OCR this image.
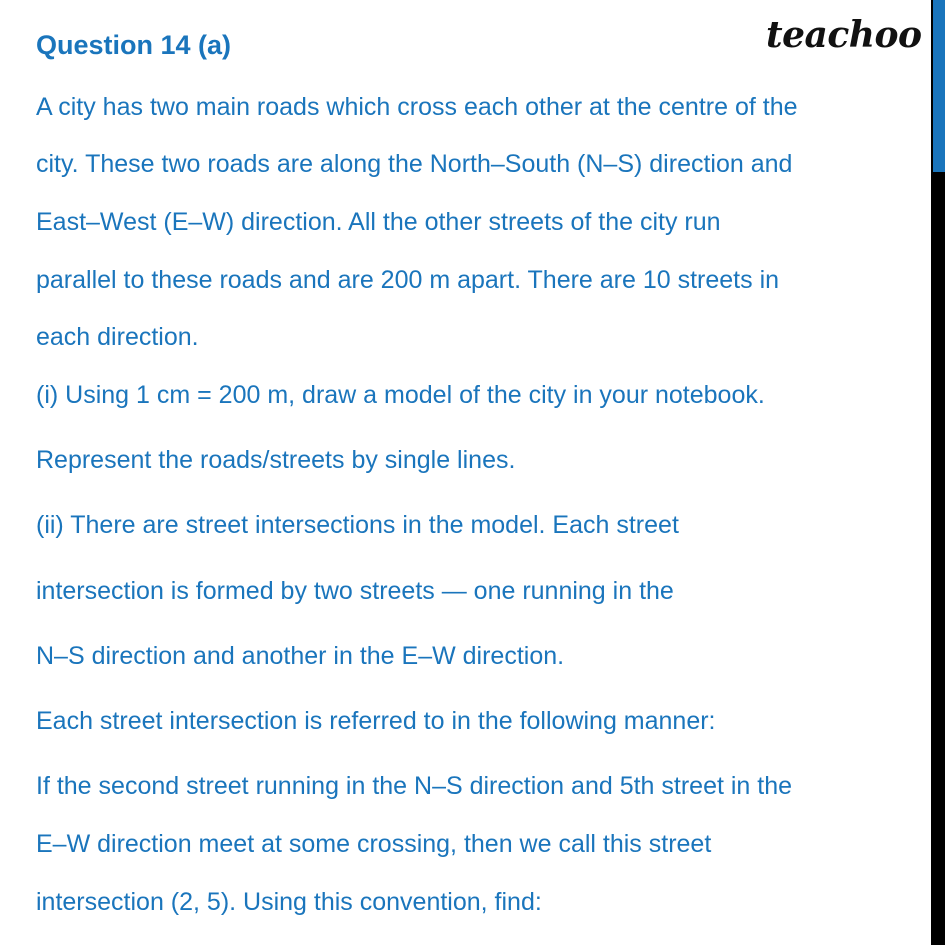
Question 14 (a)	teachoo

A city has two main roads which cross each other at the centre of the

city. These two roads are along the North–South (N–S) direction and

East–West (E–W) direction. All the other streets of the city run

parallel to these roads and are 200 m apart. There are 10 streets in

each direction.

(i) Using 1 cm = 200 m, draw a model of the city in your notebook.

Represent the roads/streets by single lines.

(ii) There are street intersections in the model. Each street

intersection is formed by two streets — one running in the

N–S direction and another in the E–W direction.

Each street intersection is referred to in the following manner:

If the second street running in the N–S direction and 5th street in the

E–W direction meet at some crossing, then we call this street

intersection (2, 5). Using this convention, find:
